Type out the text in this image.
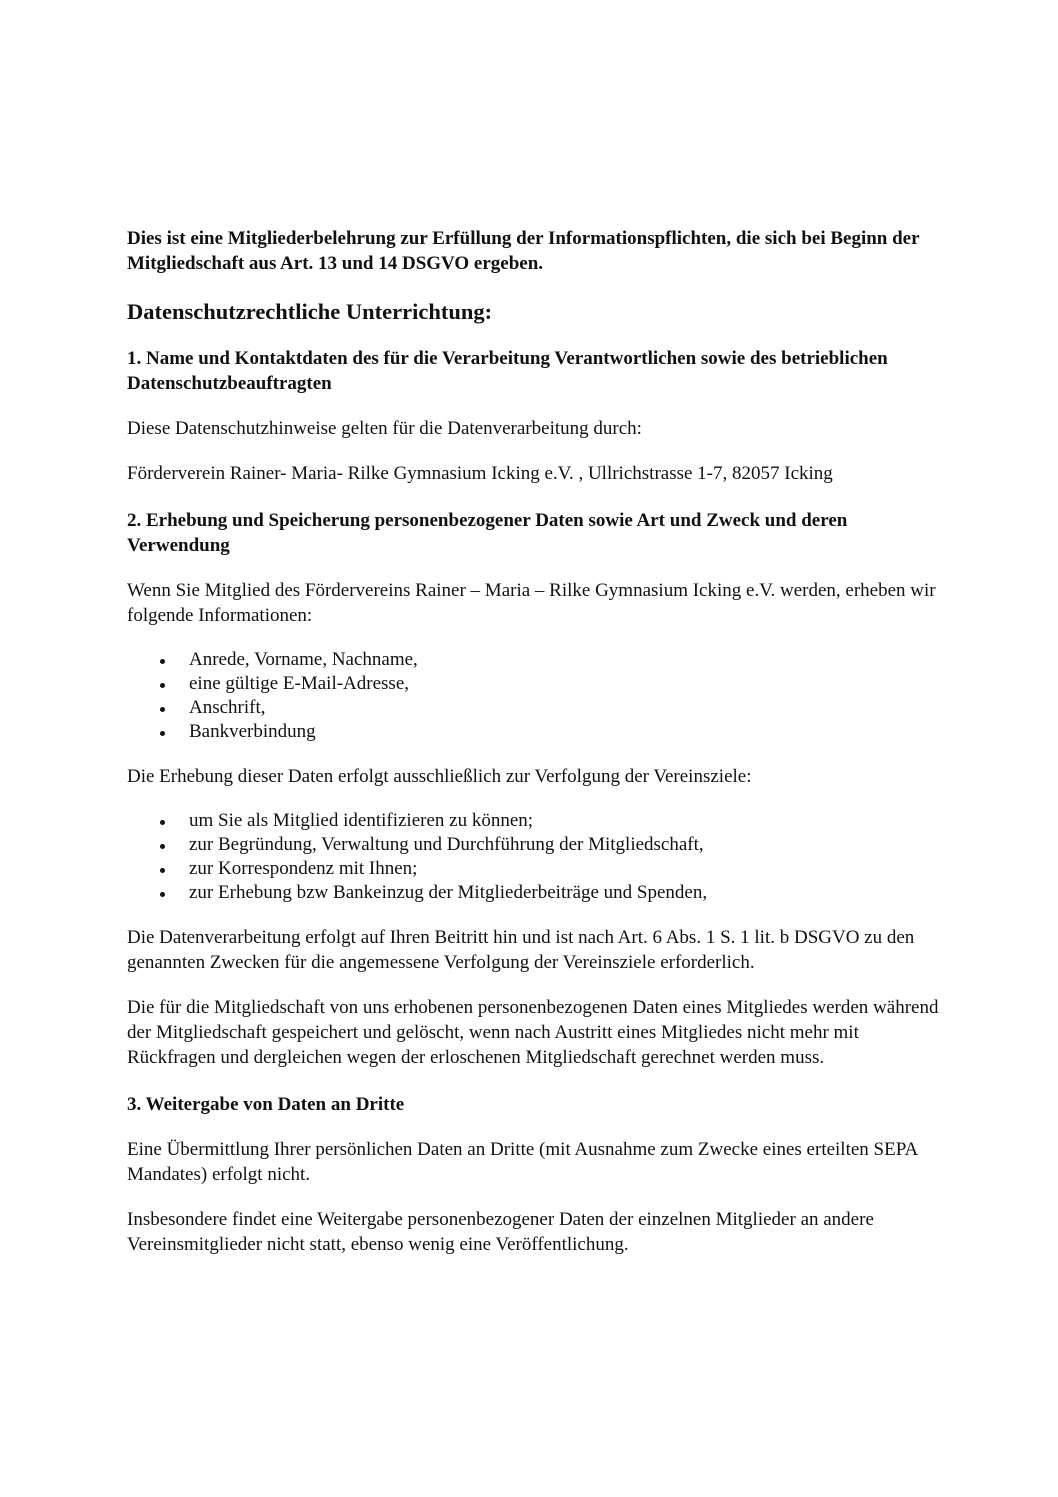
Dies ist eine Mitgliederbelehrung zur Erfüllung der Informationspflichten, die sich bei Beginn der Mitgliedschaft aus Art. 13 und 14 DSGVO ergeben.

Datenschutzrechtliche Unterrichtung:
1. Name und Kontaktdaten des für die Verarbeitung Verantwortlichen sowie des betrieblichen Datenschutzbeauftragten

Diese Datenschutzhinweise gelten für die Datenverarbeitung durch:

Förderverein Rainer- Maria- Rilke Gymnasium Icking e.V. , Ullrichstrasse 1-7, 82057 Icking

2. Erhebung und Speicherung personenbezogener Daten sowie Art und Zweck und deren Verwendung

Wenn Sie Mitglied des Fördervereins Rainer – Maria – Rilke Gymnasium Icking e.V. werden, erheben wir folgende Informationen:

Anrede, Vorname, Nachname,
eine gültige E-Mail-Adresse,
Anschrift,
Bankverbindung

Die Erhebung dieser Daten erfolgt ausschließlich zur Verfolgung der Vereinsziele:

um Sie als Mitglied identifizieren zu können;
zur Begründung, Verwaltung und Durchführung der Mitgliedschaft,
zur Korrespondenz mit Ihnen;
zur Erhebung bzw Bankeinzug der Mitgliederbeiträge und Spenden,

Die Datenverarbeitung erfolgt auf Ihren Beitritt hin und ist nach Art. 6 Abs. 1 S. 1 lit. b DSGVO zu den genannten Zwecken für die angemessene Verfolgung der Vereinsziele erforderlich.

Die für die Mitgliedschaft von uns erhobenen personenbezogenen Daten eines Mitgliedes werden während der Mitgliedschaft gespeichert und gelöscht, wenn nach Austritt eines Mitgliedes nicht mehr mit Rückfragen und dergleichen wegen der erloschenen Mitgliedschaft gerechnet werden muss.

3. Weitergabe von Daten an Dritte

Eine Übermittlung Ihrer persönlichen Daten an Dritte (mit Ausnahme zum Zwecke eines erteilten SEPA Mandates) erfolgt nicht.

Insbesondere findet eine Weitergabe personenbezogener Daten der einzelnen Mitglieder an andere Vereinsmitglieder nicht statt, ebenso wenig eine Veröffentlichung.
